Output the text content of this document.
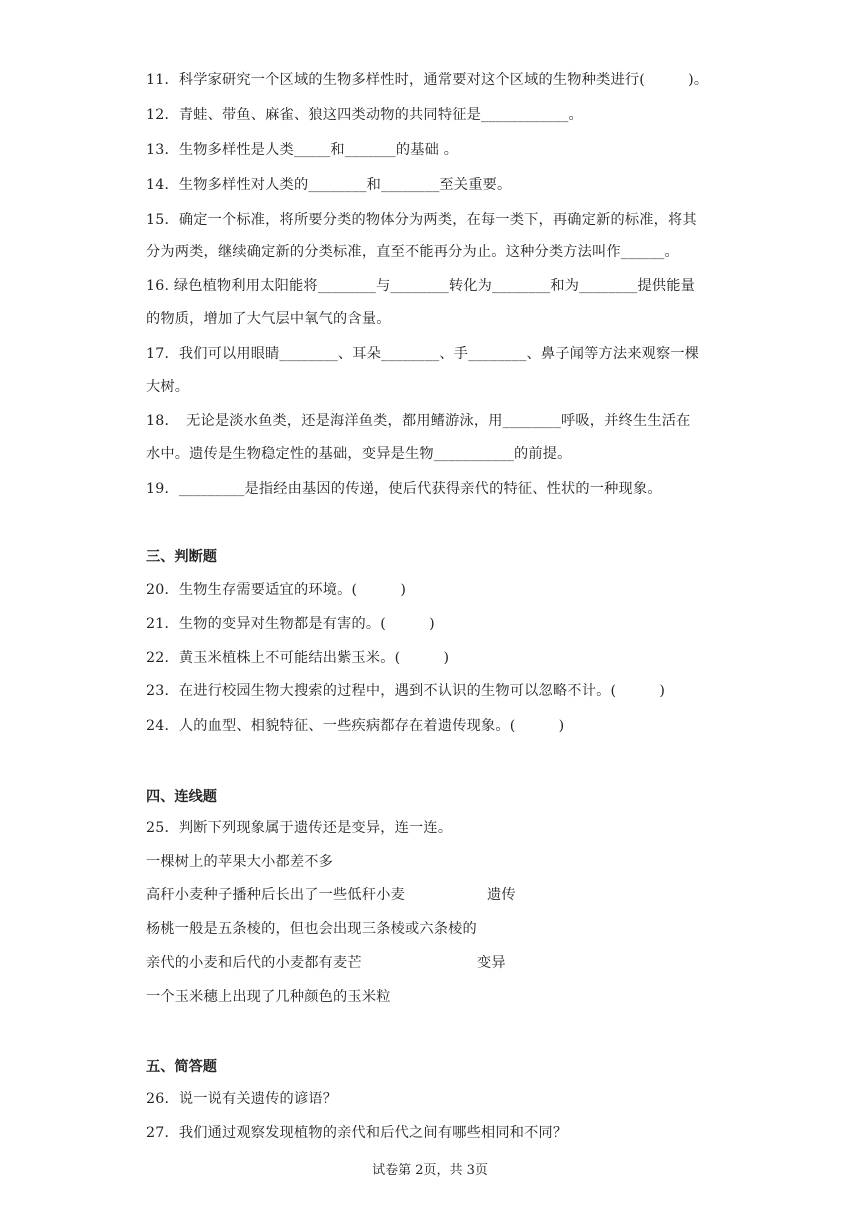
11．科学家研究一个区域的生物多样性时，通常要对这个区域的生物种类进行(　　　)。
12．青蛙、带鱼、麻雀、狼这四类动物的共同特征是____________。
13．生物多样性是人类_____和_______的基础 。
14．生物多样性对人类的________和________至关重要。
15．确定一个标准，将所要分类的物体分为两类，在每一类下，再确定新的标准，将其
分为两类，继续确定新的分类标准，直至不能再分为止。这种分类方法叫作______。
16. 绿色植物利用太阳能将________与________转化为________和为________提供能量
的物质，增加了大气层中氧气的含量。
17．我们可以用眼睛________、耳朵________、手________、鼻子闻等方法来观察一棵
大树。
18．　无论是淡水鱼类，还是海洋鱼类，都用鳍游泳，用________呼吸，并终生生活在
水中。遗传是生物稳定性的基础，变异是生物___________的前提。
19．_________是指经由基因的传递，使后代获得亲代的特征、性状的一种现象。
三、判断题
20．生物生存需要适宜的环境。(　　　)
21．生物的变异对生物都是有害的。(　　　)
22．黄玉米植株上不可能结出紫玉米。(　　　)
23．在进行校园生物大搜索的过程中，遇到不认识的生物可以忽略不计。(　　　)
24．人的血型、相貌特征、一些疾病都存在着遗传现象。(　　　)
四、连线题
25．判断下列现象属于遗传还是变异，连一连。
一棵树上的苹果大小都差不多
高秆小麦种子播种后长出了一些低秆小麦	遗传
杨桃一般是五条棱的，但也会出现三条棱或六条棱的
亲代的小麦和后代的小麦都有麦芒	变异
一个玉米穗上出现了几种颜色的玉米粒
五、简答题
26．说一说有关遗传的谚语？
27．我们通过观察发现植物的亲代和后代之间有哪些相同和不同？
试卷第 2页，共 3页
